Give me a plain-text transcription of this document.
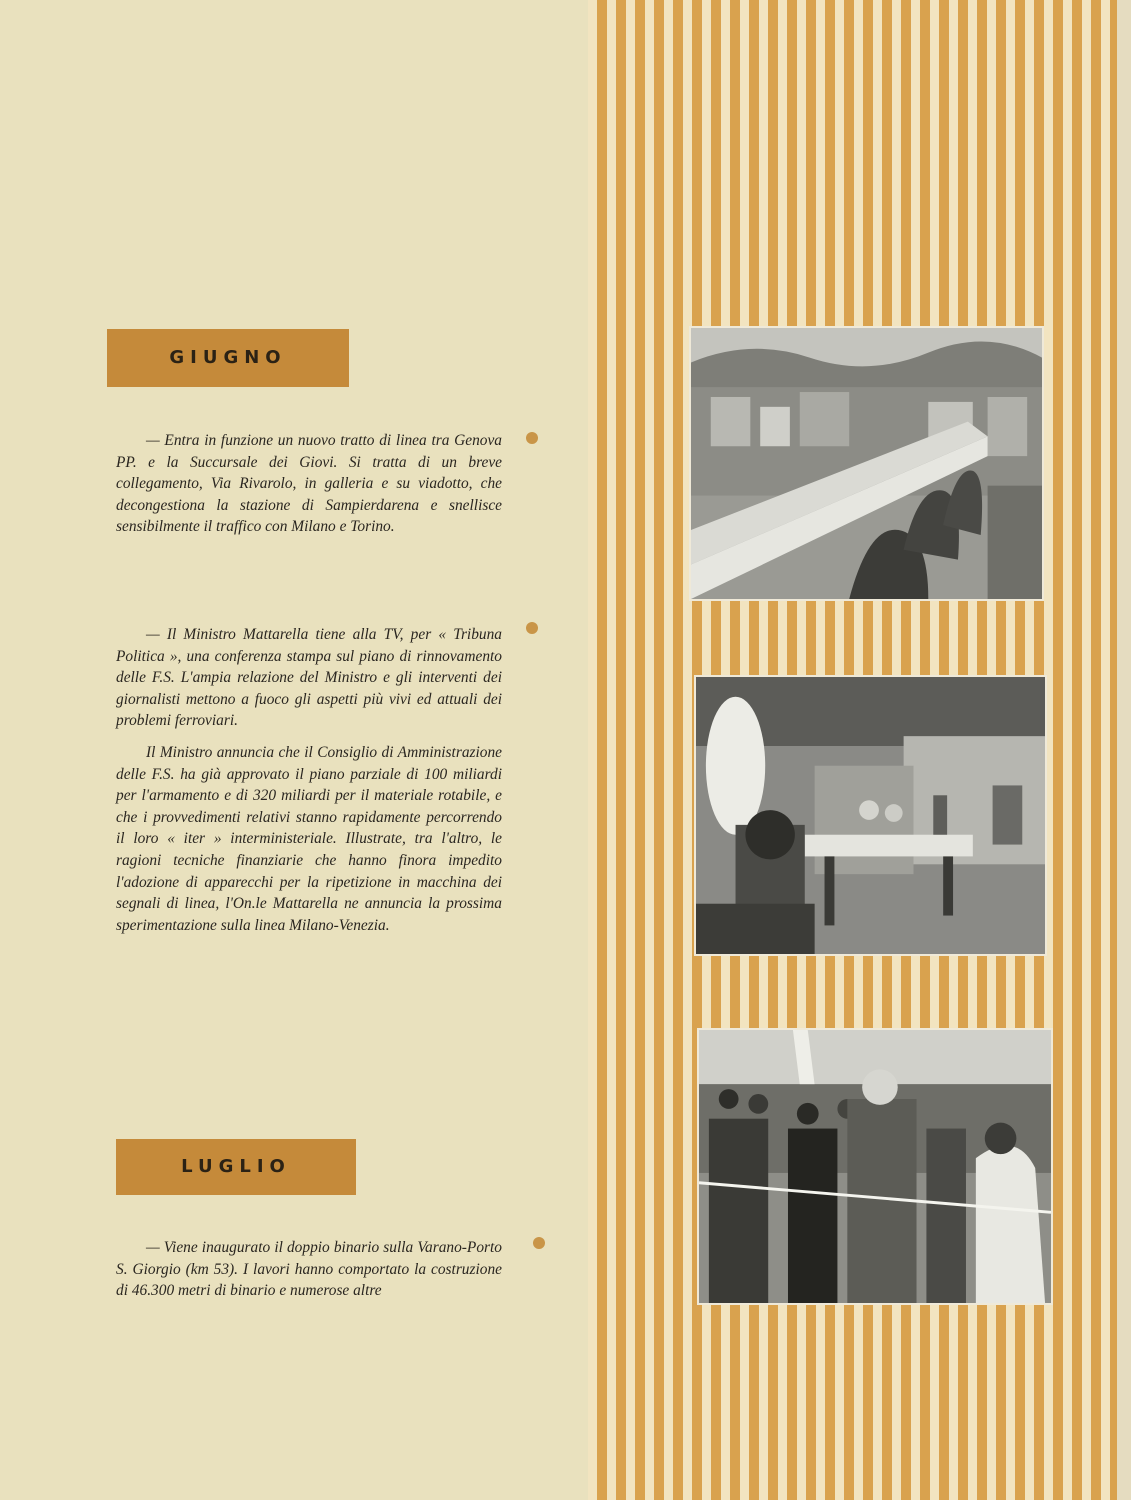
GIUGNO

— Entra in funzione un nuovo tratto di linea tra Genova PP. e la Succursale dei Giovi. Si tratta di un breve collegamento, Via Rivarolo, in galleria e su viadotto, che decongestiona la stazione di Sampierdarena e snellisce sensibilmente il traffico con Milano e Torino.

— Il Ministro Mattarella tiene alla TV, per « Tribuna Politica », una conferenza stampa sul piano di rinnovamento delle F.S. L'ampia relazione del Ministro e gli interventi dei giornalisti mettono a fuoco gli aspetti più vivi ed attuali dei problemi ferroviari.

Il Ministro annuncia che il Consiglio di Amministrazione delle F.S. ha già approvato il piano parziale di 100 miliardi per l'armamento e di 320 miliardi per il materiale rotabile, e che i provvedimenti relativi stanno rapidamente percorrendo il loro « iter » interministeriale. Illustrate, tra l'altro, le ragioni tecniche finanziarie che hanno finora impedito l'adozione di apparecchi per la ripetizione in macchina dei segnali di linea, l'On.le Mattarella ne annuncia la prossima sperimentazione sulla linea Milano-Venezia.

LUGLIO

— Viene inaugurato il doppio binario sulla Varano-Porto S. Giorgio (km 53). I lavori hanno comportato la costruzione di 46.300 metri di binario e numerose altre
